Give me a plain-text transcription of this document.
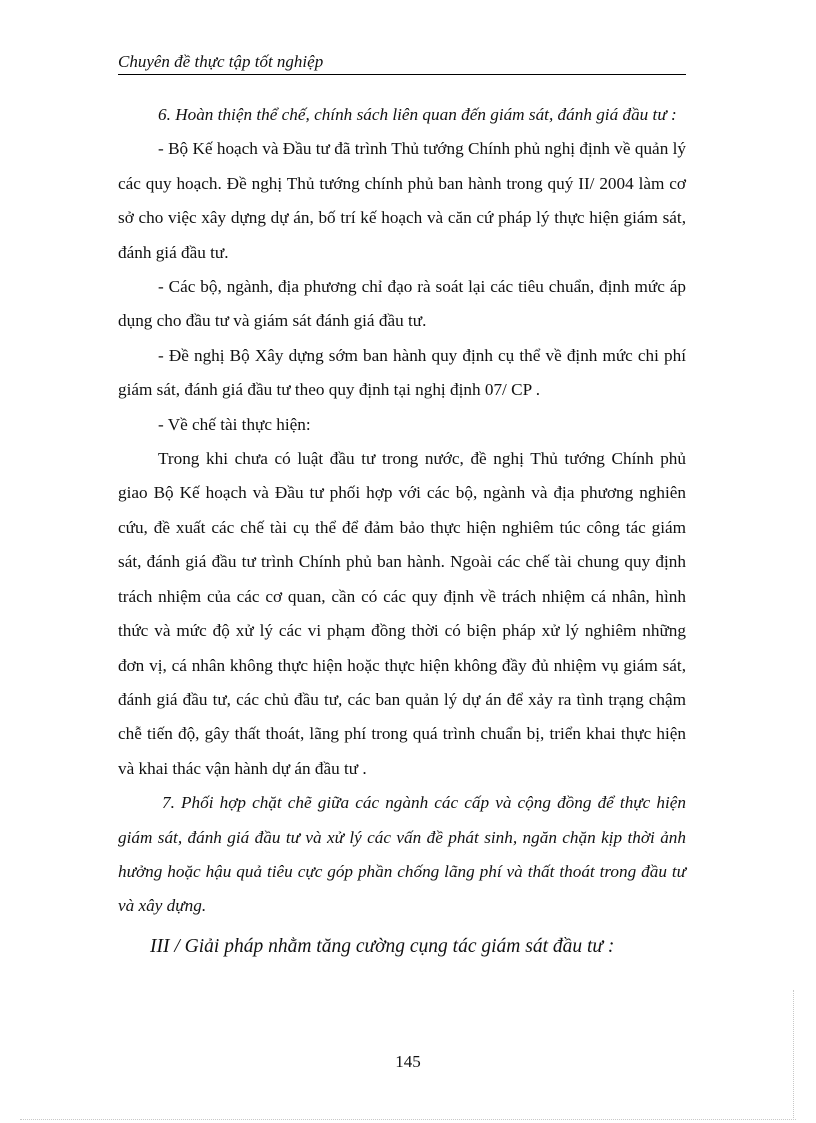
Chuyên đề thực tập tốt nghiệp

6. Hoàn thiện thể chế, chính sách liên quan đến giám sát, đánh giá đầu tư :

- Bộ Kế hoạch và Đầu tư đã trình Thủ tướng Chính phủ nghị định về quản lý các quy hoạch. Đề nghị Thủ tướng chính phủ ban hành trong quý II/ 2004 làm cơ sở cho việc xây dựng dự án, bố trí kế hoạch và căn cứ pháp lý thực hiện giám sát, đánh giá đầu tư.

- Các bộ, ngành, địa phương chỉ đạo rà soát lại các tiêu chuẩn, định mức áp dụng cho đầu tư và giám sát đánh giá đầu tư.

- Đề nghị Bộ Xây dựng sớm ban hành quy định cụ thể về định mức chi phí giám sát, đánh giá đầu tư theo quy định tại nghị định 07/ CP .

- Về chế tài thực hiện:

Trong khi chưa có luật đầu tư trong nước, đề nghị Thủ tướng Chính phủ giao Bộ Kế hoạch và Đầu tư phối hợp với các bộ, ngành và địa phương nghiên cứu, đề xuất các chế tài cụ thể để đảm bảo thực hiện nghiêm túc công tác giám sát, đánh giá đầu tư trình Chính phủ ban hành. Ngoài các chế tài chung quy định trách nhiệm của các cơ quan, cần có các quy định về trách nhiệm cá nhân, hình thức và mức độ xử lý các vi phạm đồng thời có biện pháp xử lý nghiêm những đơn vị, cá nhân không thực hiện hoặc thực hiện không đầy đủ nhiệm vụ giám sát, đánh giá đầu tư, các chủ đầu tư, các ban quản lý dự án để xảy ra tình trạng chậm chễ tiến độ, gây thất thoát, lãng phí trong quá trình chuẩn bị, triển khai thực hiện và khai thác vận hành dự án đầu tư .

7. Phối hợp chặt chẽ giữa các ngành các cấp và cộng đồng để thực hiện giám sát, đánh giá đầu tư và xử lý các vấn đề phát sinh, ngăn chặn kịp thời ảnh hưởng hoặc hậu quả tiêu cực góp phần chống lãng phí và thất thoát trong đầu tư và xây dựng.

III / Giải pháp nhằm tăng cường cụng tác giám sát đầu tư :

145
